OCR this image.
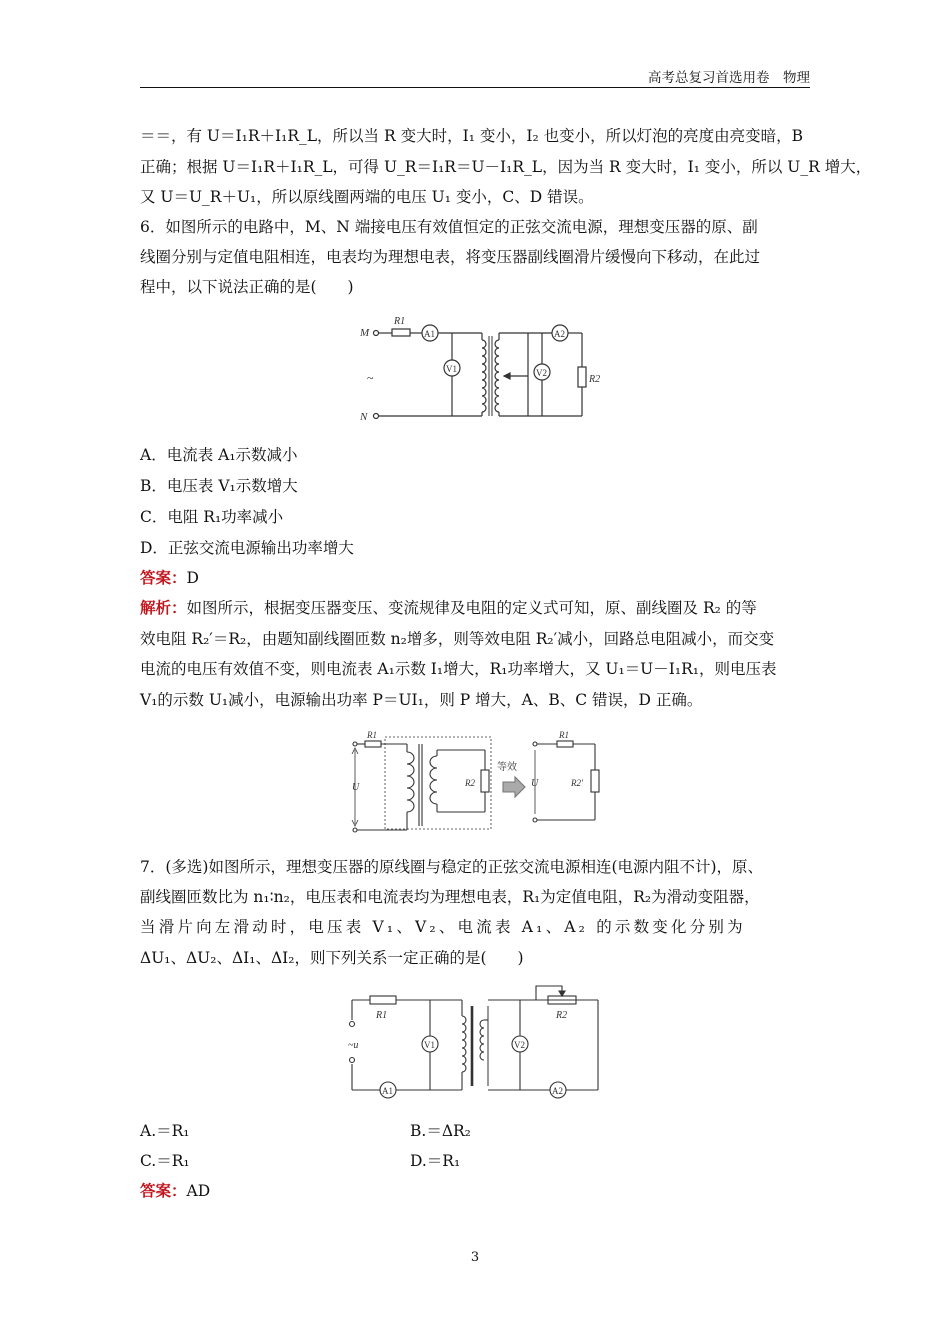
高考总复习首选用卷　物理
＝＝，有 U＝I₁R＋I₁R_L，所以当 R 变大时，I₁ 变小，I₂ 也变小，所以灯泡的亮度由亮变暗，B
正确；根据 U＝I₁R＋I₁R_L，可得 U_R＝I₁R＝U－I₁R_L，因为当 R 变大时，I₁ 变小，所以 U_R 增大，
又 U＝U_R＋U₁，所以原线圈两端的电压 U₁ 变小，C、D 错误。
6．如图所示的电路中，M、N 端接电压有效值恒定的正弦交流电源，理想变压器的原、副
线圈分别与定值电阻相连，电表均为理想电表，将变压器副线圈滑片缓慢向下移动，在此过
程中，以下说法正确的是(　　)
M
R1
A1
V1
~
N
A2
V2
R2
A．电流表 A₁示数减小
B．电压表 V₁示数增大
C．电阻 R₁功率减小
D．正弦交流电源输出功率增大
答案：D
解析：如图所示，根据变压器变压、变流规律及电阻的定义式可知，原、副线圈及 R₂ 的等
效电阻 R₂′＝R₂，由题知副线圈匝数 n₂增多，则等效电阻 R₂′减小，回路总电阻减小，而交变
电流的电压有效值不变，则电流表 A₁示数 I₁增大，R₁功率增大，又 U₁＝U－I₁R₁，则电压表
V₁的示数 U₁减小，电源输出功率 P＝UI₁，则 P 增大，A、B、C 错误，D 正确。
R1
U	R2
等效
R1
R2′
U
7．(多选)如图所示，理想变压器的原线圈与稳定的正弦交流电源相连(电源内阻不计)，原、
副线圈匝数比为 n₁∶n₂，电压表和电流表均为理想电表，R₁为定值电阻，R₂为滑动变阻器，
当滑片向左滑动时，电压表 V₁、V₂、电流表 A₁、A₂ 的示数变化分别为
ΔU₁、ΔU₂、ΔI₁、ΔI₂，则下列关系一定正确的是(　　)
~u
R1
V1
A1
V2
R2
A2
A.＝R₁	B.＝ΔR₂
C.＝R₁	D.＝R₁
答案：AD
3
